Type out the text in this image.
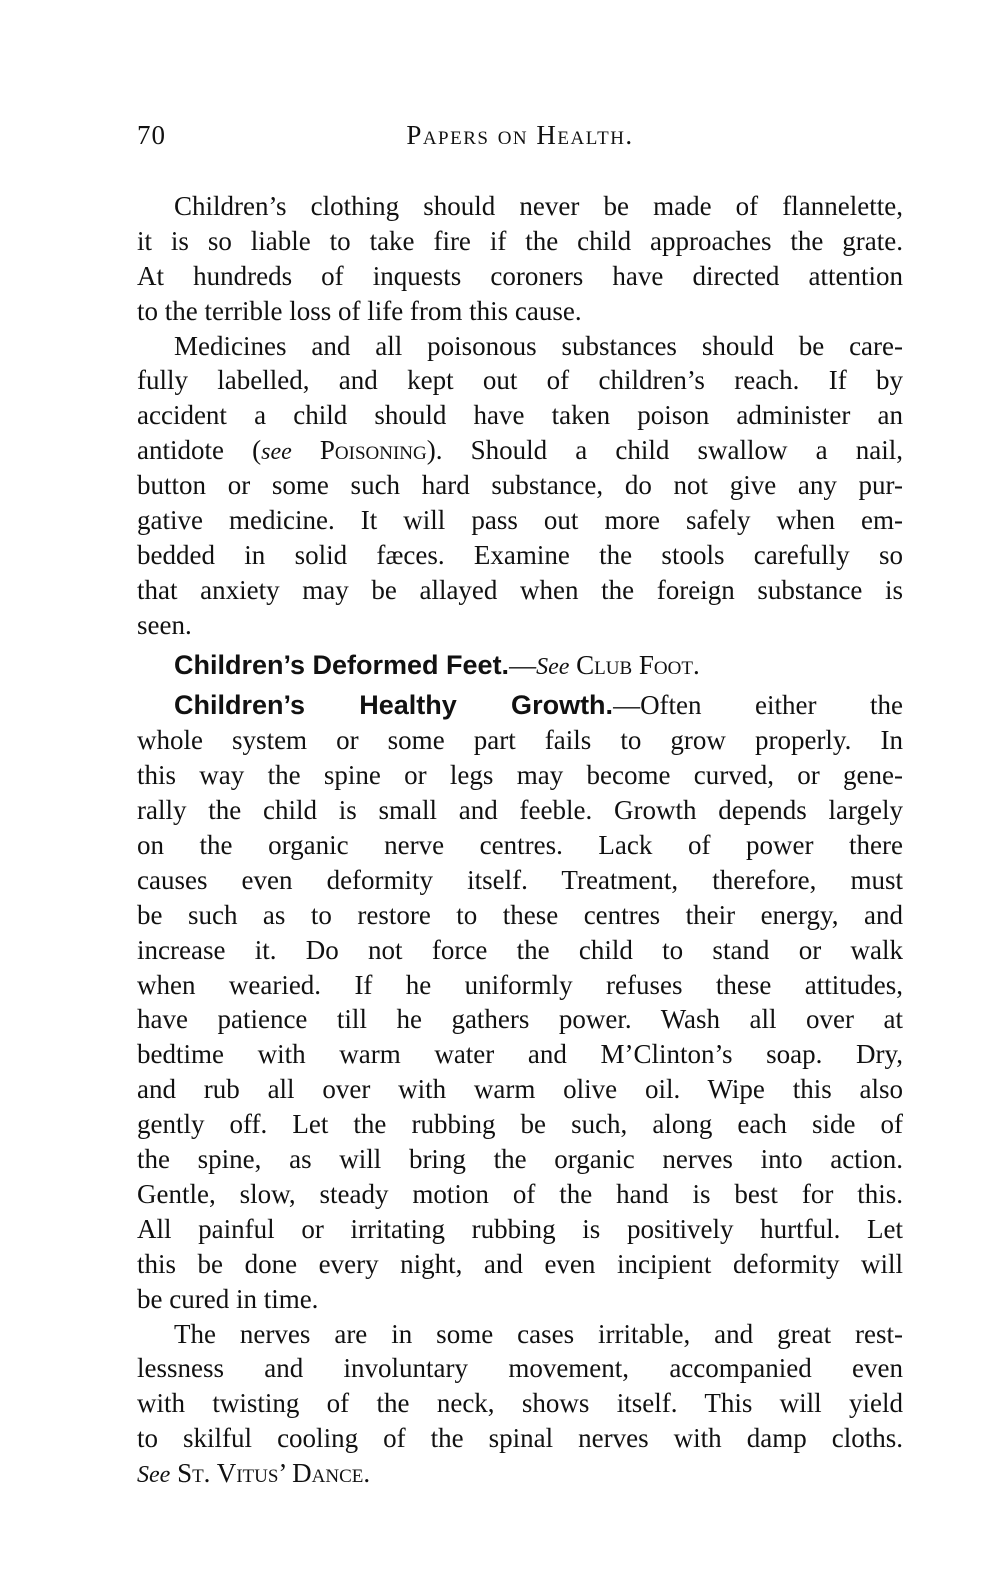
70	Papers on Health.
Children’s clothing should never be made of flannelette,
it is so liable to take fire if the child approaches the grate.
At hundreds of inquests coroners have directed attention
to the terrible loss of life from this cause.
Medicines and all poisonous substances should be care-
fully labelled, and kept out of children’s reach. If by
accident a child should have taken poison administer an
antidote (see Poisoning). Should a child swallow a nail,
button or some such hard substance, do not give any pur-
gative medicine. It will pass out more safely when em-
bedded in solid fæces. Examine the stools carefully so
that anxiety may be allayed when the foreign substance is
seen.
Children’s Deformed Feet.—See Club Foot.
Children’s Healthy Growth.—Often either the
whole system or some part fails to grow properly. In
this way the spine or legs may become curved, or gene-
rally the child is small and feeble. Growth depends largely
on the organic nerve centres. Lack of power there
causes even deformity itself. Treatment, therefore, must
be such as to restore to these centres their energy, and
increase it. Do not force the child to stand or walk
when wearied. If he uniformly refuses these attitudes,
have patience till he gathers power. Wash all over at
bedtime with warm water and M’Clinton’s soap. Dry,
and rub all over with warm olive oil. Wipe this also
gently off. Let the rubbing be such, along each side of
the spine, as will bring the organic nerves into action.
Gentle, slow, steady motion of the hand is best for this.
All painful or irritating rubbing is positively hurtful. Let
this be done every night, and even incipient deformity will
be cured in time.
The nerves are in some cases irritable, and great rest-
lessness and involuntary movement, accompanied even
with twisting of the neck, shows itself. This will yield
to skilful cooling of the spinal nerves with damp cloths.
See St. Vitus’ Dance.
